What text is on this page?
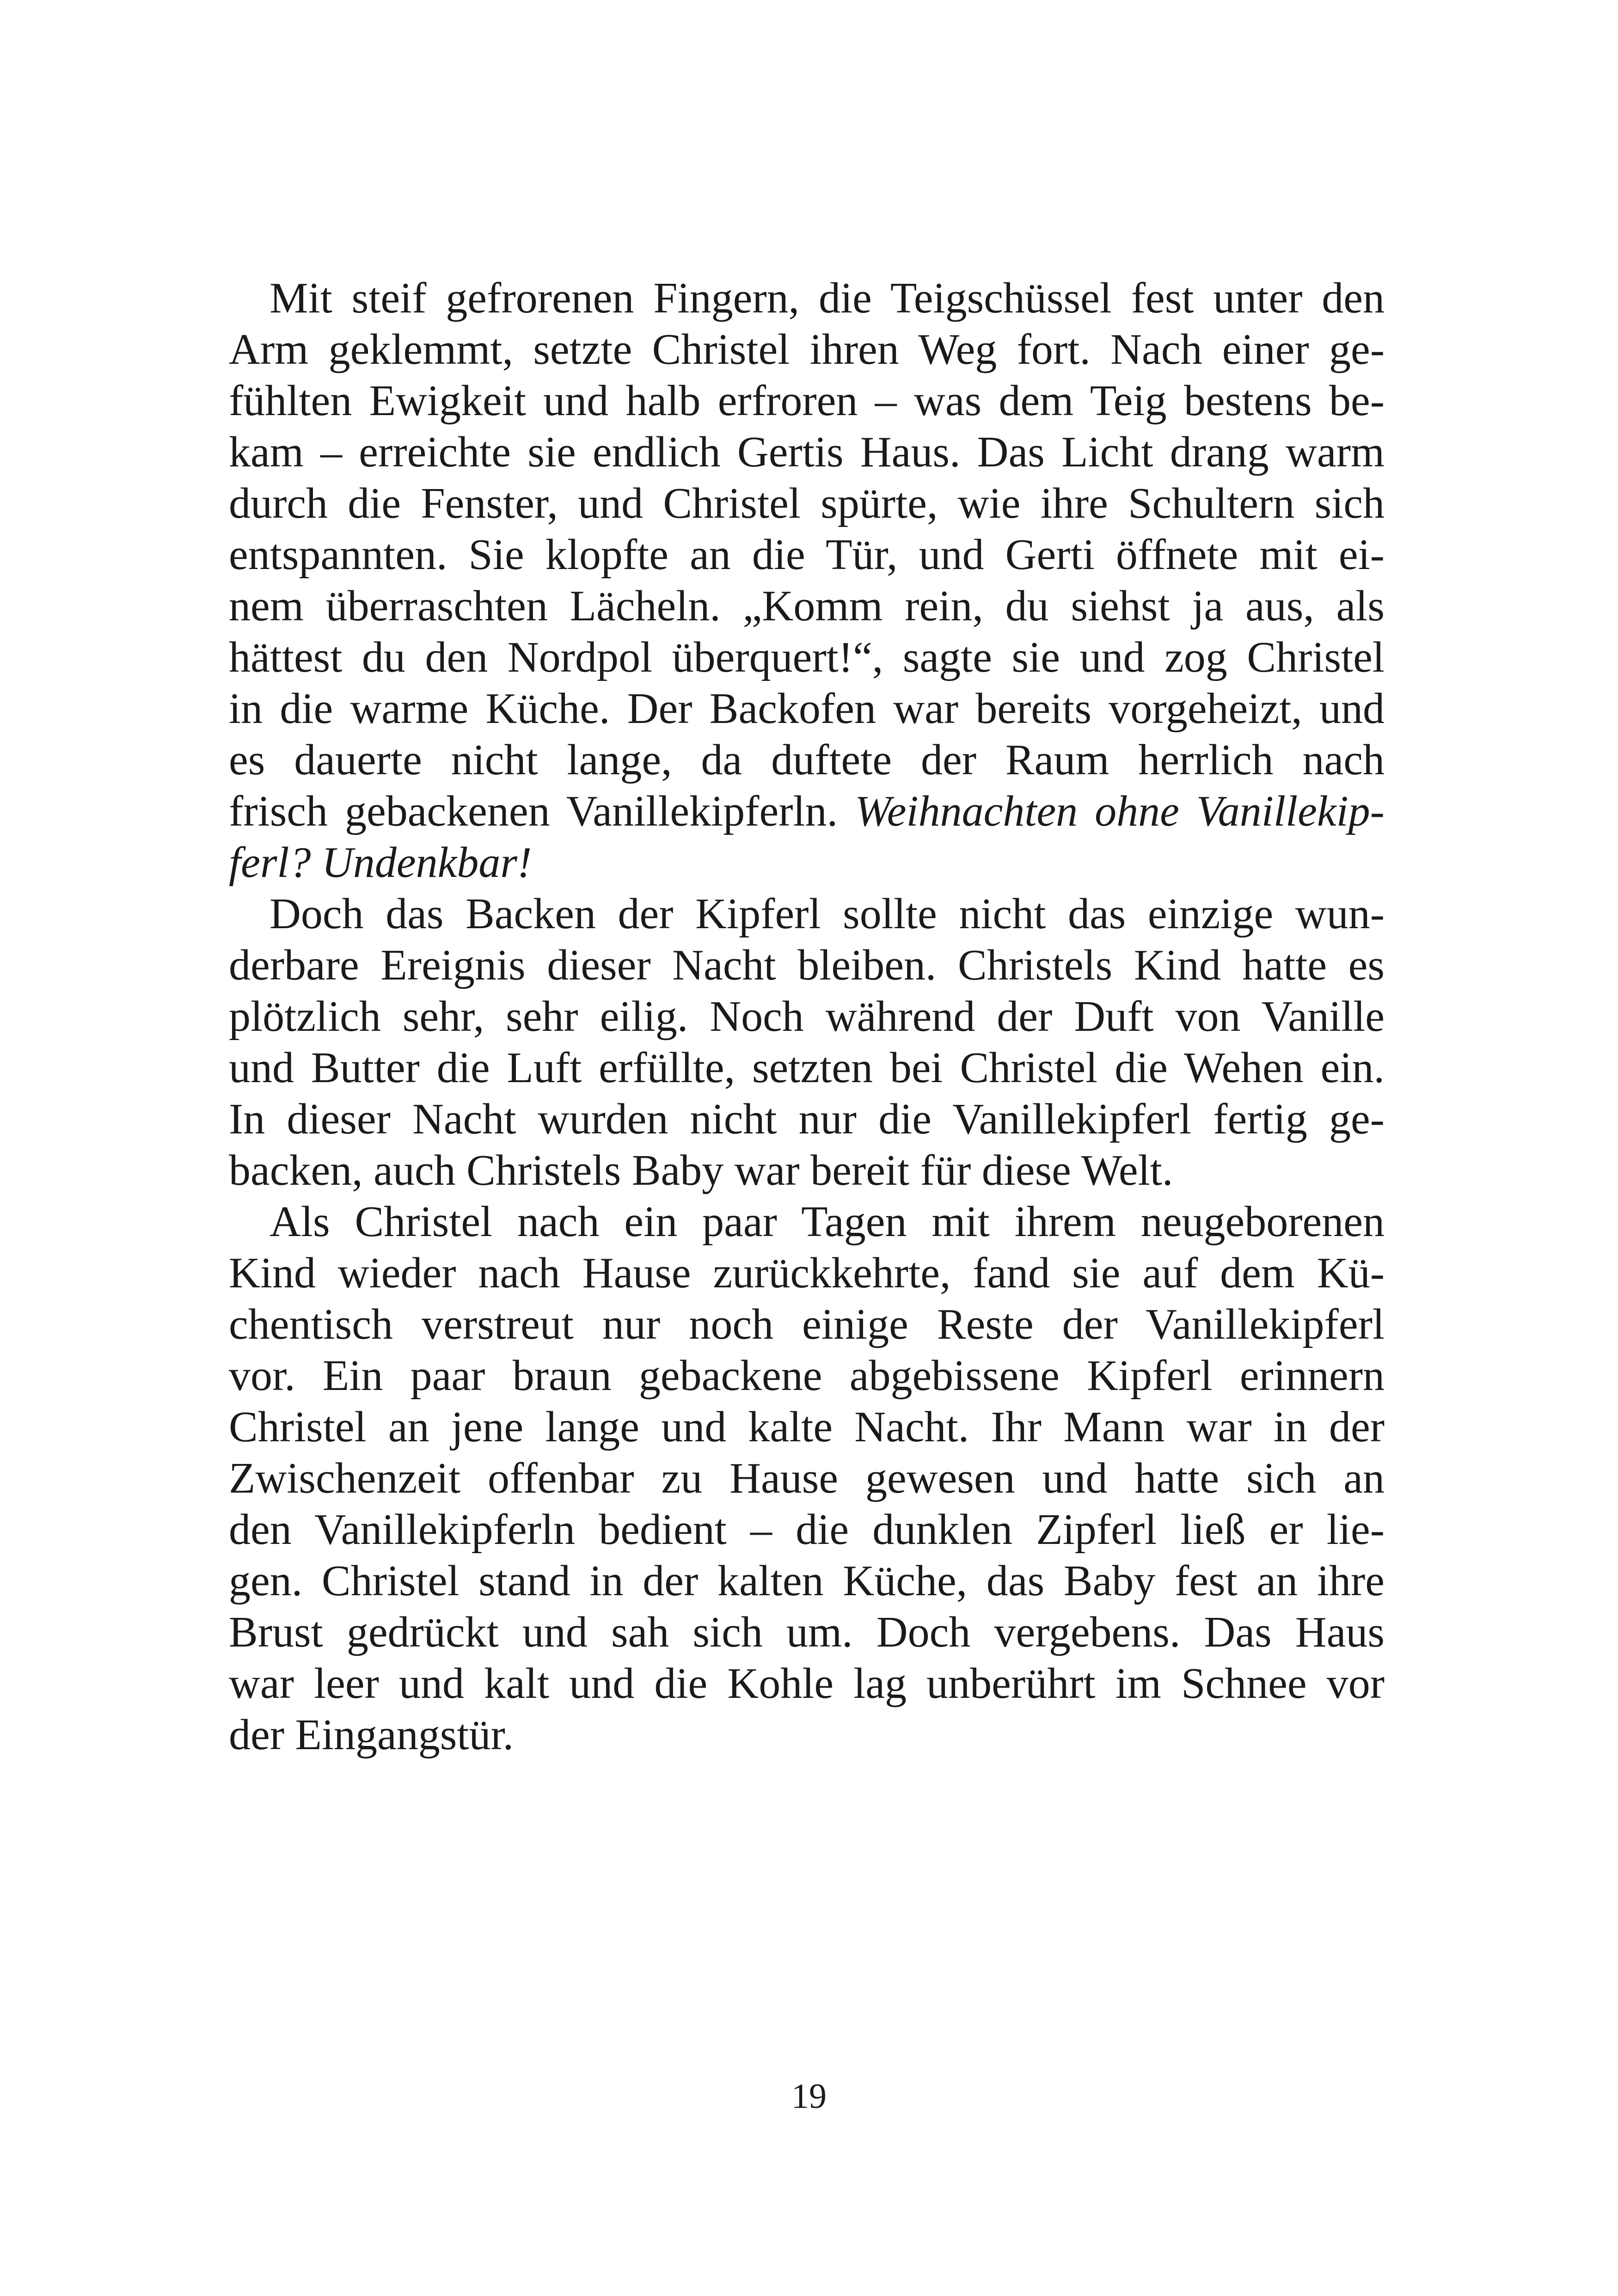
Mit steif gefrorenen Fingern, die Teigschüssel fest unter den
Arm geklemmt, setzte Christel ihren Weg fort. Nach einer ge-
fühlten Ewigkeit und halb erfroren – was dem Teig bestens be-
kam – erreichte sie endlich Gertis Haus. Das Licht drang warm
durch die Fenster, und Christel spürte, wie ihre Schultern sich
entspannten. Sie klopfte an die Tür, und Gerti öffnete mit ei-
nem überraschten Lächeln. „Komm rein, du siehst ja aus, als
hättest du den Nordpol überquert!“, sagte sie und zog Christel
in die warme Küche. Der Backofen war bereits vorgeheizt, und
es dauerte nicht lange, da duftete der Raum herrlich nach
frisch gebackenen Vanillekipferln. Weihnachten ohne Vanillekip-
ferl? Undenkbar!
Doch das Backen der Kipferl sollte nicht das einzige wun-
derbare Ereignis dieser Nacht bleiben. Christels Kind hatte es
plötzlich sehr, sehr eilig. Noch während der Duft von Vanille
und Butter die Luft erfüllte, setzten bei Christel die Wehen ein.
In dieser Nacht wurden nicht nur die Vanillekipferl fertig ge-
backen, auch Christels Baby war bereit für diese Welt.
Als Christel nach ein paar Tagen mit ihrem neugeborenen
Kind wieder nach Hause zurückkehrte, fand sie auf dem Kü-
chentisch verstreut nur noch einige Reste der Vanillekipferl
vor. Ein paar braun gebackene abgebissene Kipferl erinnern
Christel an jene lange und kalte Nacht. Ihr Mann war in der
Zwischenzeit offenbar zu Hause gewesen und hatte sich an
den Vanillekipferln bedient – die dunklen Zipferl ließ er lie-
gen. Christel stand in der kalten Küche, das Baby fest an ihre
Brust gedrückt und sah sich um. Doch vergebens. Das Haus
war leer und kalt und die Kohle lag unberührt im Schnee vor
der Eingangstür.
19
